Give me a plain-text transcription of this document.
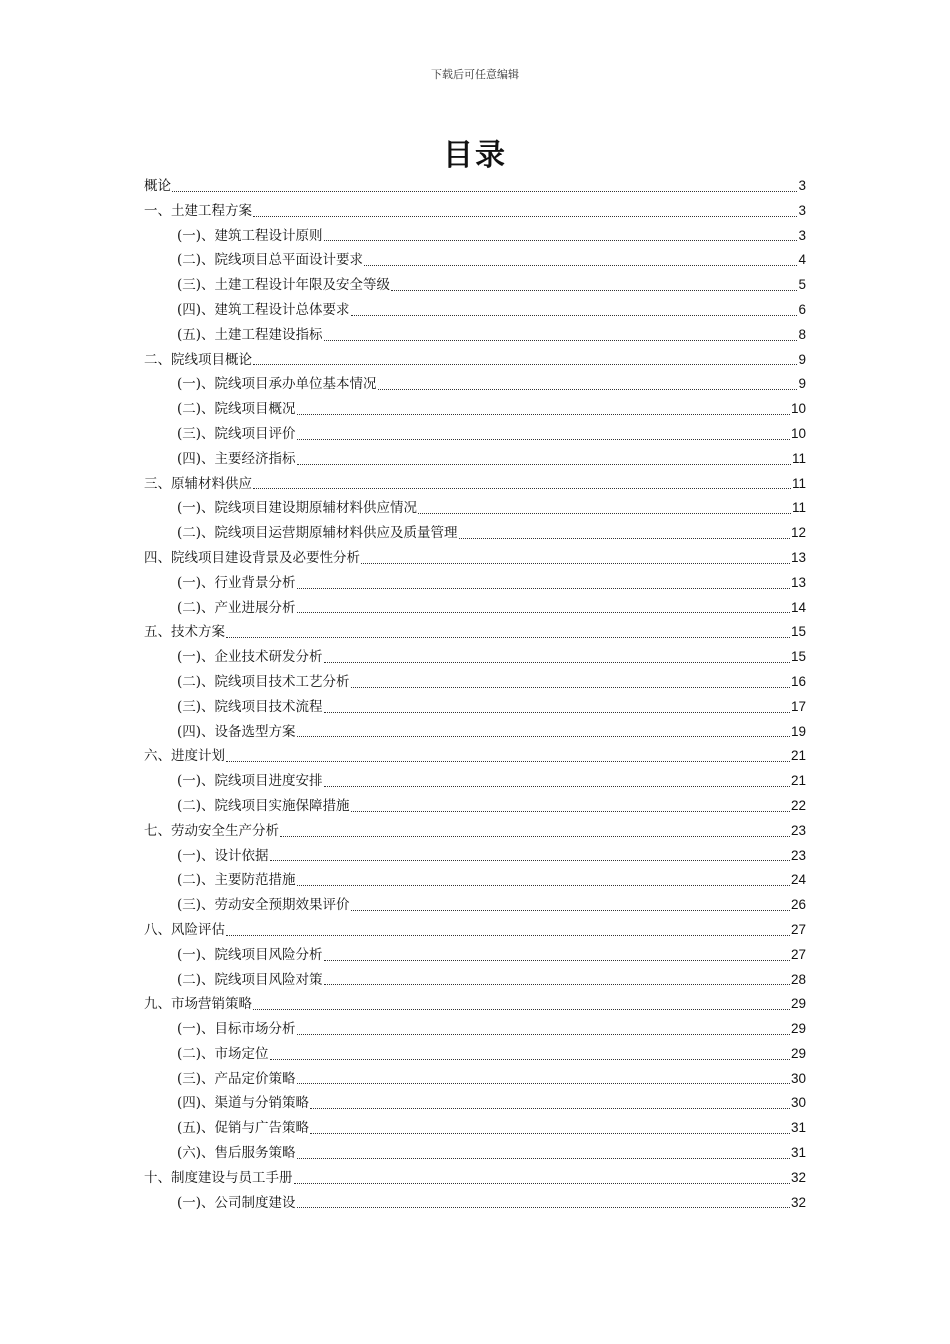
下载后可任意编辑
目录
概论	3
一、土建工程方案	3
(一)、建筑工程设计原则	3
(二)、院线项目总平面设计要求	4
(三)、土建工程设计年限及安全等级	5
(四)、建筑工程设计总体要求	6
(五)、土建工程建设指标	8
二、院线项目概论	9
(一)、院线项目承办单位基本情况	9
(二)、院线项目概况	10
(三)、院线项目评价	10
(四)、主要经济指标	11
三、原辅材料供应	11
(一)、院线项目建设期原辅材料供应情况	11
(二)、院线项目运营期原辅材料供应及质量管理	12
四、院线项目建设背景及必要性分析	13
(一)、行业背景分析	13
(二)、产业进展分析	14
五、技术方案	15
(一)、企业技术研发分析	15
(二)、院线项目技术工艺分析	16
(三)、院线项目技术流程	17
(四)、设备选型方案	19
六、进度计划	21
(一)、院线项目进度安排	21
(二)、院线项目实施保障措施	22
七、劳动安全生产分析	23
(一)、设计依据	23
(二)、主要防范措施	24
(三)、劳动安全预期效果评价	26
八、风险评估	27
(一)、院线项目风险分析	27
(二)、院线项目风险对策	28
九、市场营销策略	29
(一)、目标市场分析	29
(二)、市场定位	29
(三)、产品定价策略	30
(四)、渠道与分销策略	30
(五)、促销与广告策略	31
(六)、售后服务策略	31
十、制度建设与员工手册	32
(一)、公司制度建设	32
